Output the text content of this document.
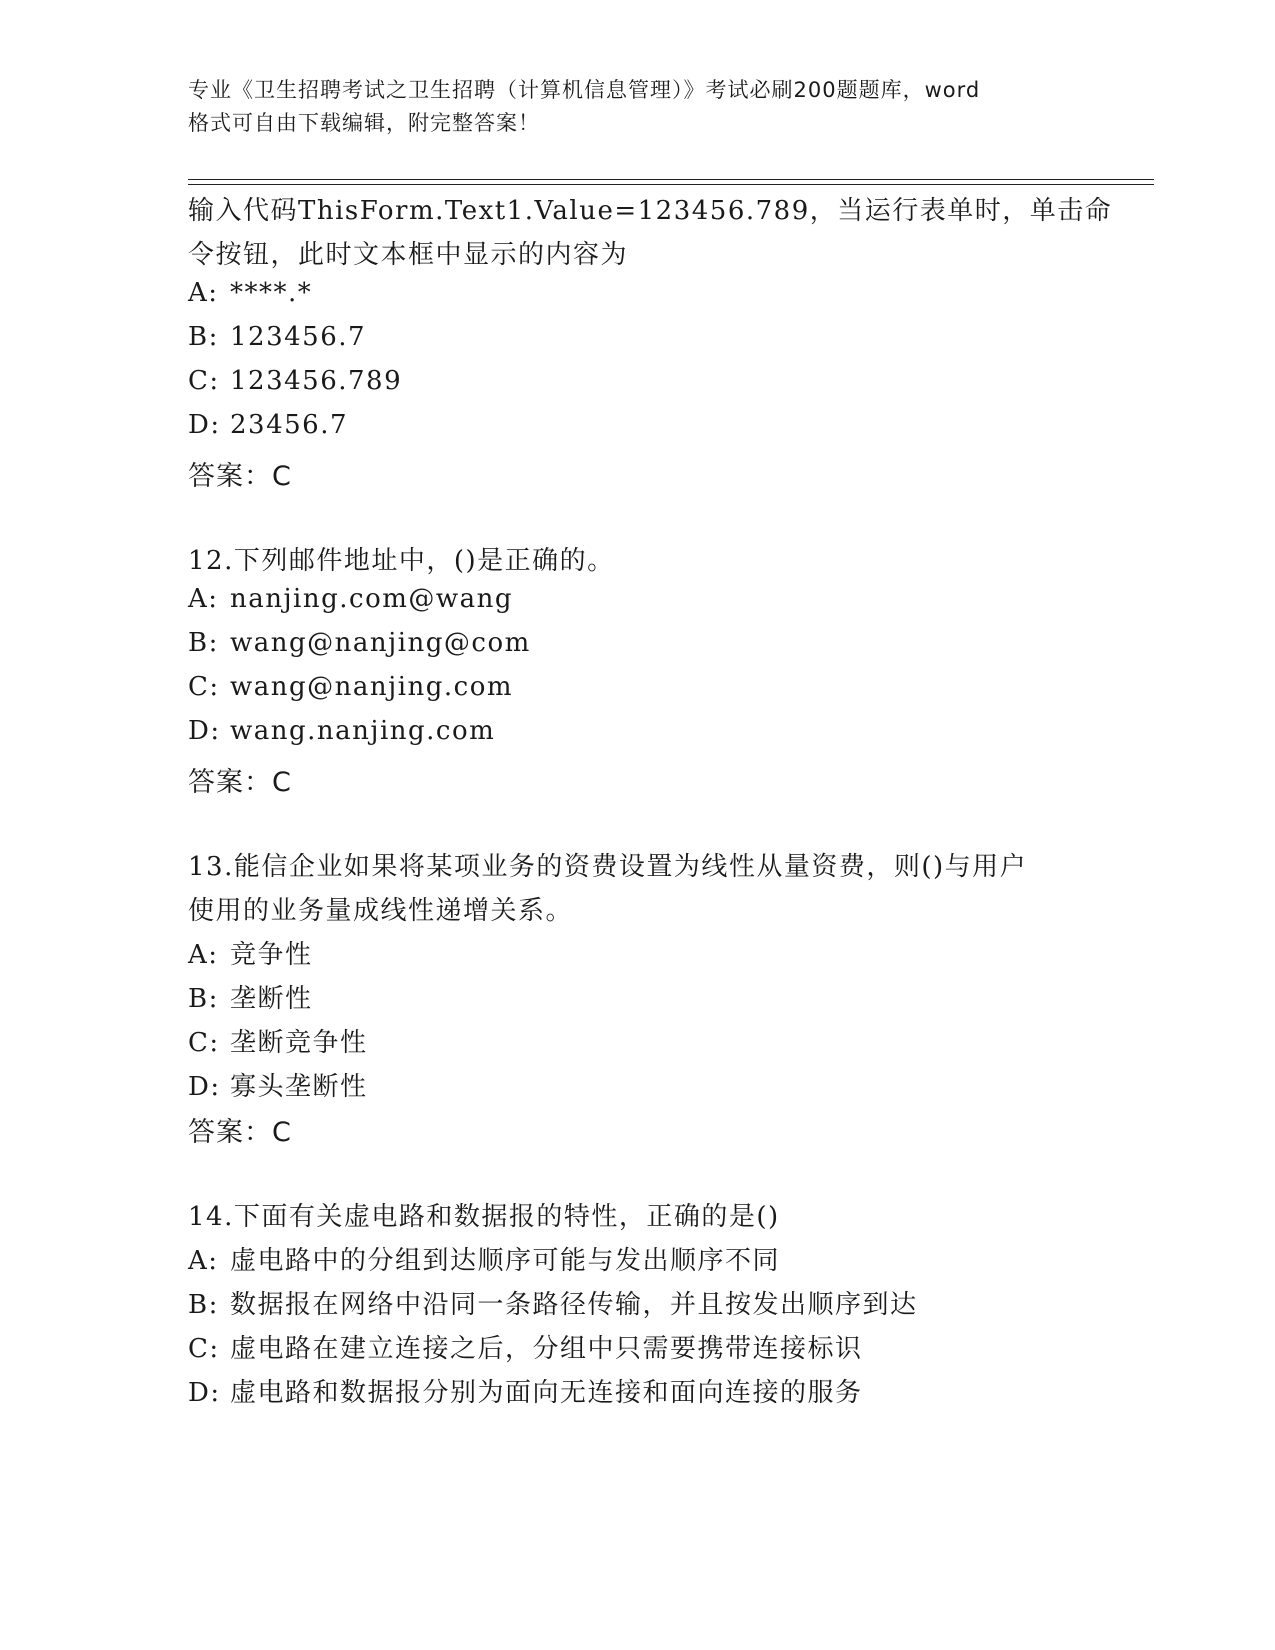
专业《卫生招聘考试之卫生招聘（计算机信息管理）》考试必刷200题题库，word
格式可自由下载编辑，附完整答案！
输入代码ThisForm.Text1.Value=123456.789，当运行表单时，单击命
令按钮，此时文本框中显示的内容为
A: ****.*
B: 123456.7
C: 123456.789
D: 23456.7
答案：C
12.下列邮件地址中，()是正确的。
A: nanjing.com@wang
B: wang@nanjing@com
C: wang@nanjing.com
D: wang.nanjing.com
答案：C
13.能信企业如果将某项业务的资费设置为线性从量资费，则()与用户
使用的业务量成线性递增关系。
A: 竞争性
B: 垄断性
C: 垄断竞争性
D: 寡头垄断性
答案：C
14.下面有关虚电路和数据报的特性，正确的是()
A: 虚电路中的分组到达顺序可能与发出顺序不同
B: 数据报在网络中沿同一条路径传输，并且按发出顺序到达
C: 虚电路在建立连接之后，分组中只需要携带连接标识
D: 虚电路和数据报分别为面向无连接和面向连接的服务
